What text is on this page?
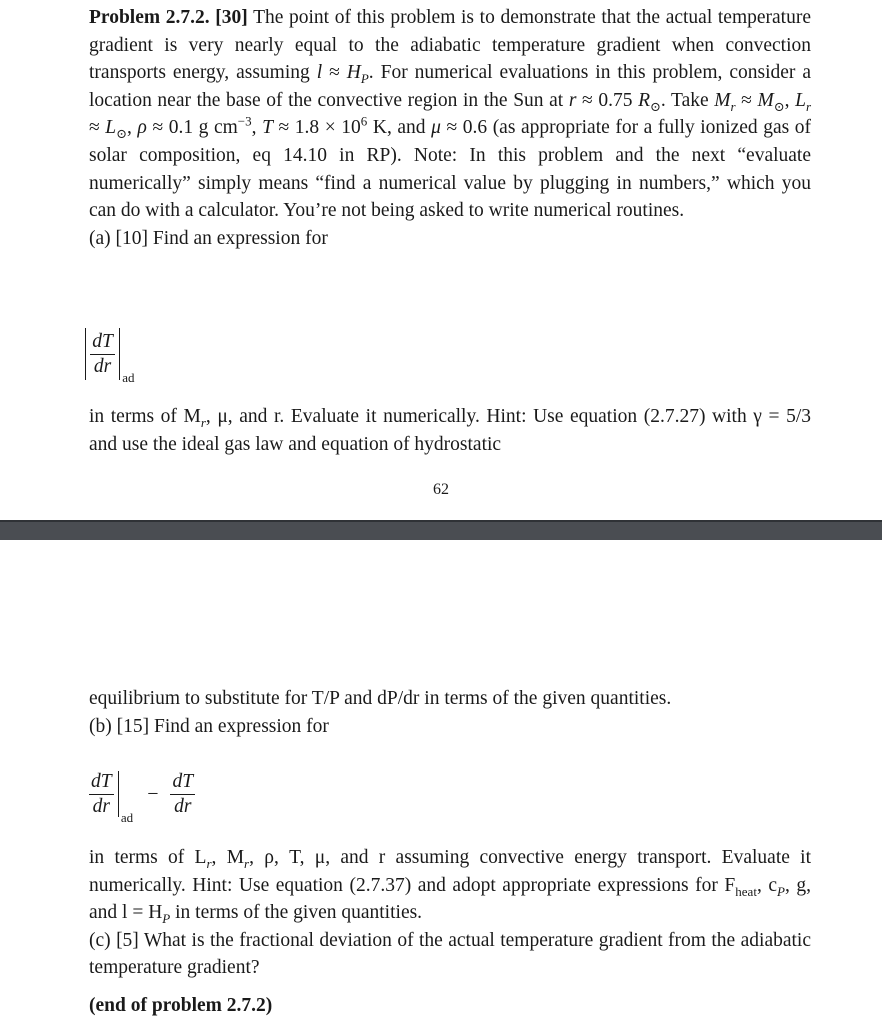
Problem 2.7.2. [30] The point of this problem is to demonstrate that the actual temperature gradient is very nearly equal to the adiabatic temperature gradient when convection transports energy, assuming $l \approx H_P$. For numerical evaluations in this problem, consider a location near the base of the convective region in the Sun at r ≈ 0.75 $R_⊙$. Take $M_r \approx M_⊙$, $L_r \approx L_⊙$, ρ ≈ 0.1 g $cm^{-3}$, $T \approx 1.8 \times 10^6$ K, and μ ≈ 0.6 (as appropriate for a fully ionized gas of solar composition, eq 14.10 in RP). Note: In this problem and the next “evaluate numerically” simply means “find a numerical value by plugging in numbers,” which you can do with a calculator. You’re not being asked to write numerical routines.
(a) [10] Find an expression for
$\frac{dT}{dr}$ ad
in terms of $M_r$, μ, and r. Evaluate it numerically. Hint: Use equation (2.7.27) with γ = 5/3 and use the ideal gas law and equation of hydrostatic
62
equilibrium to substitute for T/P and dP/dr in terms of the given quantities.
(b) [15] Find an expression for
$\frac{dT}{dr}$ ad
− $\frac{dT}{dr}$
in terms of $L_r$, $M_r$, ρ, T, μ, and r assuming convective energy transport. Evaluate it numerically. Hint: Use equation (2.7.37) and adopt appropriate expressions for $F_{heat}$, $c_P$, g, and $l = H_P$ in terms of the given quantities.
(c) [5] What is the fractional deviation of the actual temperature gradient from the adiabatic temperature gradient?
(end of problem 2.7.2)
